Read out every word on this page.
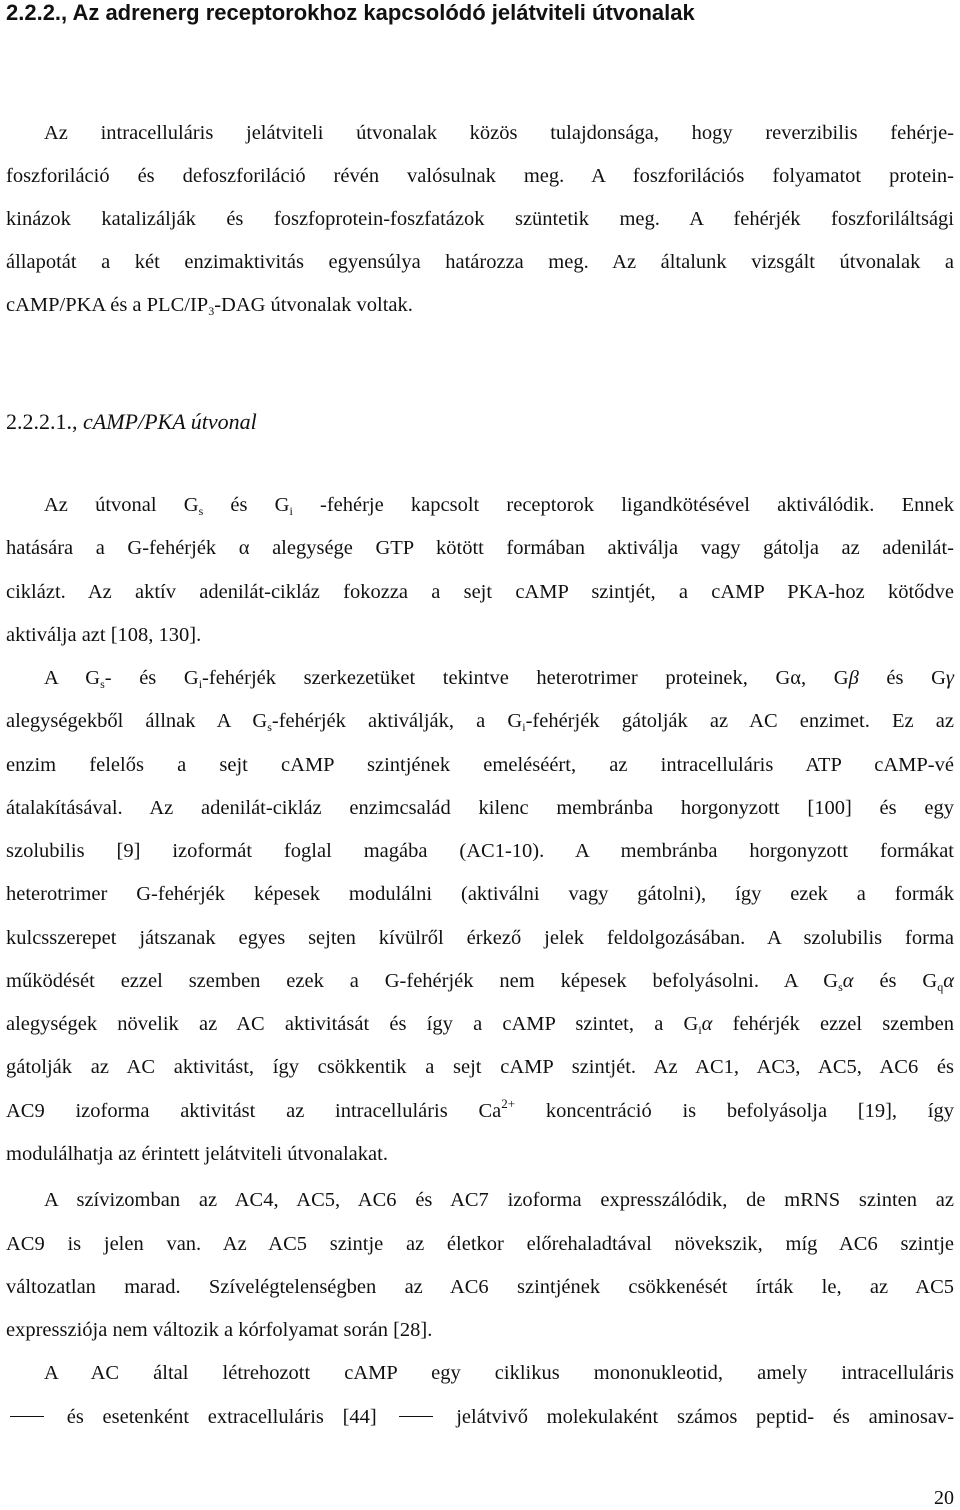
2.2.2., Az adrenerg receptorokhoz kapcsolódó jelátviteli útvonalak
Az intracelluláris jelátviteli útvonalak közös tulajdonsága, hogy reverzibilis fehérje-
foszforiláció és defoszforiláció révén valósulnak meg. A foszforilációs folyamatot protein-
kinázok katalizálják és foszfoprotein-foszfatázok szüntetik meg. A fehérjék foszforiláltsági
állapotát a két enzimaktivitás egyensúlya határozza meg. Az általunk vizsgált útvonalak a
cAMP/PKA és a PLC/$IP_3$-DAG útvonalak voltak.
2.2.2.1., cAMP/PKA útvonal
Az útvonal $G_s$ és $G_i$ -fehérje kapcsolt receptorok ligandkötésével aktiválódik. Ennek
hatására a G-fehérjék α alegysége GTP kötött formában aktiválja vagy gátolja az adenilát-
ciklázt. Az aktív adenilát-cikláz fokozza a sejt cAMP szintjét, a cAMP PKA-hoz kötődve
aktiválja azt [108, 130].
A $G_s-$ és $G_i$-fehérjék szerkezetüket tekintve heterotrimer proteinek, Gα, Gβ és Gγ
alegységekből állnak A $G_s$-fehérjék aktiválják, a $G_i$-fehérjék gátolják az AC enzimet. Ez az
enzim felelős a sejt cAMP szintjének emeléséért, az intracelluláris ATP cAMP-vé
átalakításával. Az adenilát-cikláz enzimcsalád kilenc membránba horgonyzott [100] és egy
szolubilis [9] izoformát foglal magába (AC1-10). A membránba horgonyzott formákat
heterotrimer G-fehérjék képesek modulálni (aktiválni vagy gátolni), így ezek a formák
kulcsszerepet játszanak egyes sejten kívülről érkező jelek feldolgozásában. A szolubilis forma
működését ezzel szemben ezek a G-fehérjék nem képesek befolyásolni. A $G_s\alpha$ és $G_q\alpha$
alegységek növelik az AC aktivitását és így a cAMP szintet, a $G_i\alpha$ fehérjék ezzel szemben
gátolják az AC aktivitást, így csökkentik a sejt cAMP szintjét. Az AC1, AC3, AC5, AC6 és
AC9 izoforma aktivitást az intracelluláris $Ca^{2+}$ koncentráció is befolyásolja [19], így
modulálhatja az érintett jelátviteli útvonalakat.
A szívizomban az AC4, AC5, AC6 és AC7 izoforma expresszálódik, de mRNS szinten az
AC9 is jelen van. Az AC5 szintje az életkor előrehaladtával növekszik, míg AC6 szintje
változatlan marad. Szívelégtelenségben az AC6 szintjének csökkenését írták le, az AC5
expressziója nem változik a kórfolyamat során [28].
A AC által létrehozott cAMP egy ciklikus mononukleotid, amely intracelluláris
és esetenként extracelluláris [44]	jelátvivő molekulaként számos peptid- és aminosav-
20
